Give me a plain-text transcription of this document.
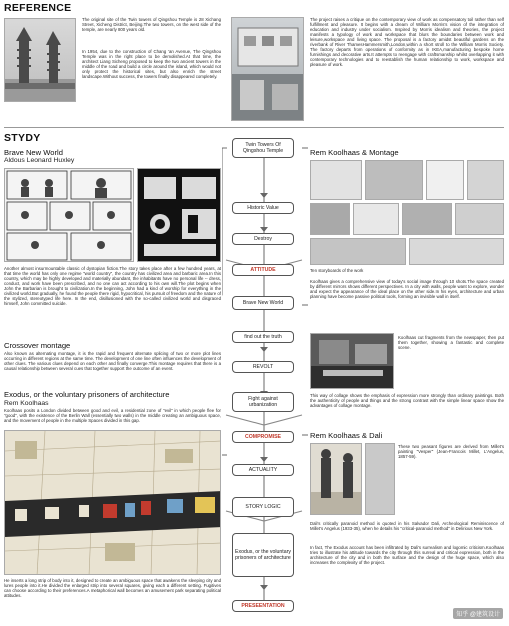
REFERENCE
The original site of the Twin towers of Qingshou Temple is 28 Xichang Street, Xicheng District, Beijing.The two towers, on the west side of the temple, are nearly 800 years old.
In 1954, due to the construction of Chang 'an Avenue, The Qingshou Temple was in the right place to be demolished.At that time, the architect Liang Sicheng proposed to keep the two ancient towers in the middle of the road and build a circle around the island, which would not only protect the historical sites, but also enrich the street landscape.Without success, the towers finally disappeared completely.
The project raises a critique on the contemporary view of work as compensatory toil rather than self fulfillment and pleasure. It begins with a dream of William Morris's vision of the integration of education and industry under socialism. Inspired by Morris idealism and theories, the project manifests a typology of work and workspace that blurs the boundaries between work and leisure,workspace and living space. The proposal is a factory amidst beautiful gardens on the riverbank of River ThamesHammersmith,London,within a short stroll to the William Morris Society. The factory departs from operations of conformity as in IKEA,manufacturing bespoke home furnishings and decorative arts.It attempts to reengage with craftsmanship whilst overlapping it with contemporary technologies and to reestablish the human relationship to work, workspace and pleasure of work.
STYDY
Brave New World
Aldous Leonard Huxley
Another almost insurmountable classic of dystopian fiction.The story takes place after a few hundred years, at that time the world has only one regime "world country", the country has civilized area and barbaric area.In this country, which may be highly developed and materially abundant, the inhabitants have no personal life -- dress, conduct, and work have been prescribed, and no one can act according to his own will.The plot begins when John the Barbarian is brought to civilization.In the beginning, John had a kind of worship for everything in the civilized world.But gradually, he found the people there rigid, hypocritical, his pursuit of freedom and the nature of the stylized, stereotyped life here. In the end, disillusioned with the so-called civilized world and disgraced himself, John committed suicide.
Crossover montage
Also known as alternating montage, it is the rapid and frequent alternate splicing of two or more plot lines occurring in different regions at the same time. The development of one line often influences the development of other clues. The various clues depend on each other and finally converge.This montage requires that there is a causal relationship between several cues that together support the outcome of an event.
Exodus, or the voluntary prisoners of architecture
Rem Koolhaas
Koolhaas posits a London divided between good and evil, a residential zone of "evil" in which people flee for "good", with the existence of the Berlin Wall (essentially two walls) in the middle creating an ambiguous space, and the movement of people in the multiple Spaces divided in this gap.
He inserts a long strip of body into it, designed to create an ambiguous space that awakens the sleeping city and lures people into it.He divided the enlarged strip into several squares, giving each a different setting. Fugitives can choose according to their preferences.A metaphorical wall becomes an amusement park separating political attitudes.
Twin Towers Of Qingshou Temple
Historic Value
Destroy
ATTITUDE
Brave New World
find out the truth
REVOLT
Fight against urbanization
COMPROMISE
ACTUALITY
STORY LOGIC
Exodus, or the voluntary prisoners of architecture
PRESEENTATION
Rem Koolhaas & Montage
Ten storyboards of the work
Koolhaas gives a comprehensive view of today's social image through 10 shots.The space created by different mirrors shows different perspectives. In a city with walls, people want to explore, wonder and expect the appearance of the ideal place on the other side.In his eyes, architecture and urban planning have become passive political tools, forming an invisible wall in itself.
Koolhaas cut fragments from the newspaper, then put them together, showing a fantastic and complete scene.
This way of collage shows the emphasis of expression more strongly than ordinary paintings. Both the authenticity of people and things and the strong contrast with the simple linear space show the advantages of collage montage.
Rem Koolhaas & Dali
These two peasant figures are derived from Millet's painting "Vesper" (Jean-Francois Millet, L'Angelus, 1857-59).
Dali's critically paranoid method is quoted in his Salvador Dali, Archeological Reminiscence of Millet's Angelus (1933-35), when he details his "critical-paranoid method" in Delirious New York.
In fact, The Exodus account has been infiltrated by Dali's surrealism and logomic criticism.Koolhaas tries to illustrate his attitude towards the city through this surreal and critical expression, both in the architecture of the city and in both the surface and the design of the huge space, which also increases the complexity of the project.
知乎 @建筑设计
